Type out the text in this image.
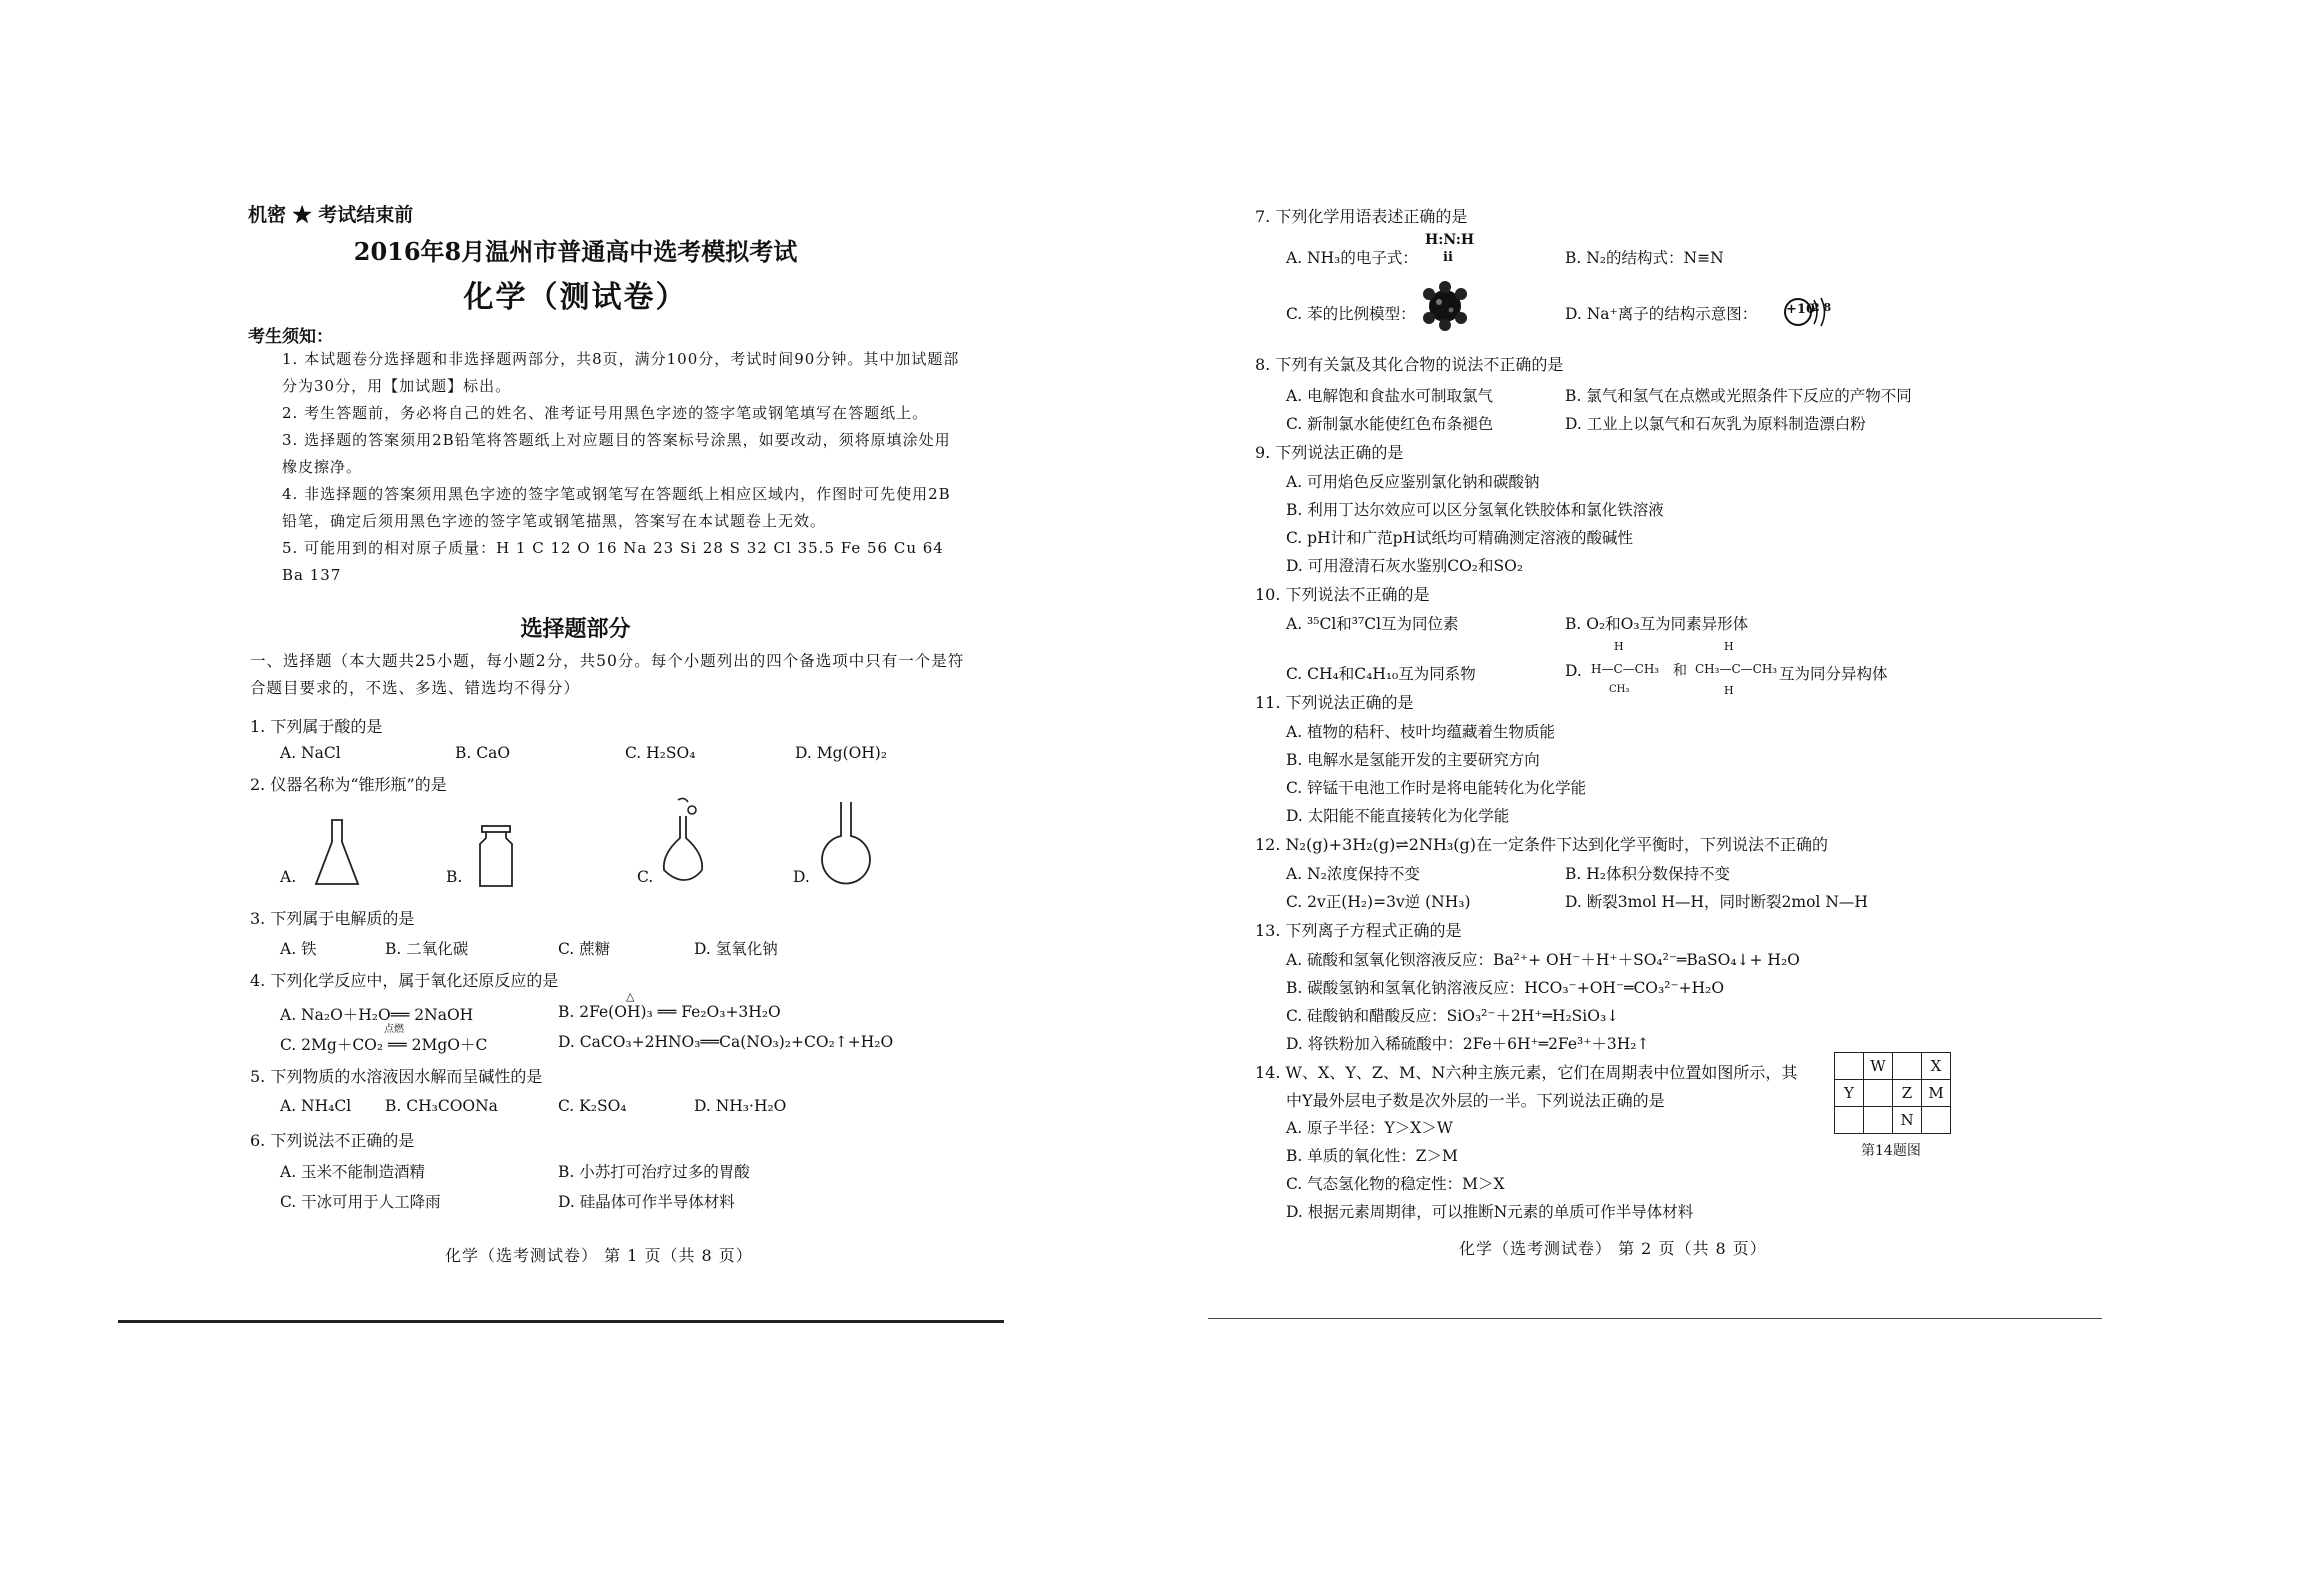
机密 ★ 考试结束前
2016年8月温州市普通高中选考模拟考试
化学（测试卷）
考生须知：
1. 本试题卷分选择题和非选择题两部分，共8页，满分100分，考试时间90分钟。其中加试题部分为30分，用【加试题】标出。
2. 考生答题前，务必将自己的姓名、准考证号用黑色字迹的签字笔或钢笔填写在答题纸上。
3. 选择题的答案须用2B铅笔将答题纸上对应题目的答案标号涂黑，如要改动，须将原填涂处用橡皮擦净。
4. 非选择题的答案须用黑色字迹的签字笔或钢笔写在答题纸上相应区域内，作图时可先使用2B铅笔，确定后须用黑色字迹的签字笔或钢笔描黑，答案写在本试题卷上无效。
5. 可能用到的相对原子质量：H 1 C 12 O 16 Na 23 Si 28 S 32 Cl 35.5 Fe 56 Cu 64 Ba 137
选择题部分
一、选择题（本大题共25小题，每小题2分，共50分。每个小题列出的四个备选项中只有一个是符合题目要求的，不选、多选、错选均不得分）
1. 下列属于酸的是
A. NaCl	B. CaO	C. H₂SO₄	D. Mg(OH)₂
2. 仪器名称为“锥形瓶”的是
A.	B.	C.	D.
3. 下列属于电解质的是
A. 铁	B. 二氧化碳	C. 蔗糖	D. 氢氧化钠
4. 下列化学反应中，属于氧化还原反应的是
A. Na₂O＋H₂O══ 2NaOH
△
B. 2Fe(OH)₃ ══ Fe₂O₃+3H₂O
点燃
C. 2Mg＋CO₂ ══ 2MgO＋C	D. CaCO₃+2HNO₃══Ca(NO₃)₂+CO₂↑+H₂O
5. 下列物质的水溶液因水解而呈碱性的是
A. NH₄Cl B. CH₃COONa	C. K₂SO₄	D. NH₃·H₂O
6. 下列说法不正确的是
A. 玉米不能制造酒精	B. 小苏打可治疗过多的胃酸
C. 干冰可用于人工降雨	D. 硅晶体可作半导体材料
化学（选考测试卷） 第 1 页（共 8 页）
7. 下列化学用语表述正确的是
A. NH₃的电子式：
H:N:H
ii	B. N₂的结构式：N≡N
C. 苯的比例模型：	D. Na⁺离子的结构示意图： +10
2 8
8. 下列有关氯及其化合物的说法不正确的是
A. 电解饱和食盐水可制取氯气	B. 氯气和氢气在点燃或光照条件下反应的产物不同
C. 新制氯水能使红色布条褪色	D. 工业上以氯气和石灰乳为原料制造漂白粉
9. 下列说法正确的是
A. 可用焰色反应鉴别氯化钠和碳酸钠
B. 利用丁达尔效应可以区分氢氧化铁胶体和氯化铁溶液
C. pH计和广范pH试纸均可精确测定溶液的酸碱性
D. 可用澄清石灰水鉴别CO₂和SO₂
10. 下列说法不正确的是
A. ³⁵Cl和³⁷Cl互为同位素	B. O₂和O₃互为同素异形体
C. CH₄和C₄H₁₀互为同系物	D.
H
H—C—CH₃
CH₃
和
H
CH₃—C—CH₃
H
互为同分异构体
11. 下列说法正确的是
A. 植物的秸秆、枝叶均蕴藏着生物质能
B. 电解水是氢能开发的主要研究方向
C. 锌锰干电池工作时是将电能转化为化学能
D. 太阳能不能直接转化为化学能
12. N₂(g)+3H₂(g)⇌2NH₃(g)在一定条件下达到化学平衡时，下列说法不正确的
A. N₂浓度保持不变	B. H₂体积分数保持不变
C. 2v正(H₂)=3v逆 (NH₃)	D. 断裂3mol H—H，同时断裂2mol N—H
13. 下列离子方程式正确的是
A. 硫酸和氢氧化钡溶液反应：Ba²⁺+ OH⁻＋H⁺＋SO₄²⁻═BaSO₄↓+ H₂O
B. 碳酸氢钠和氢氧化钠溶液反应：HCO₃⁻+OH⁻═CO₃²⁻+H₂O
C. 硅酸钠和醋酸反应：SiO₃²⁻＋2H⁺═H₂SiO₃↓
D. 将铁粉加入稀硫酸中：2Fe＋6H⁺═2Fe³⁺＋3H₂↑
14. W、X、Y、Z、M、N六种主族元素，它们在周期表中位置如图所示，其
中Y最外层电子数是次外层的一半。下列说法正确的是
A. 原子半径：Y＞X＞W
B. 单质的氧化性：Z＞M
C. 气态氢化物的稳定性：M＞X
D. 根据元素周期律，可以推断N元素的单质可作半导体材料
	W		X
Y		Z	M
		N	
第14题图
化学（选考测试卷） 第 2 页（共 8 页）
